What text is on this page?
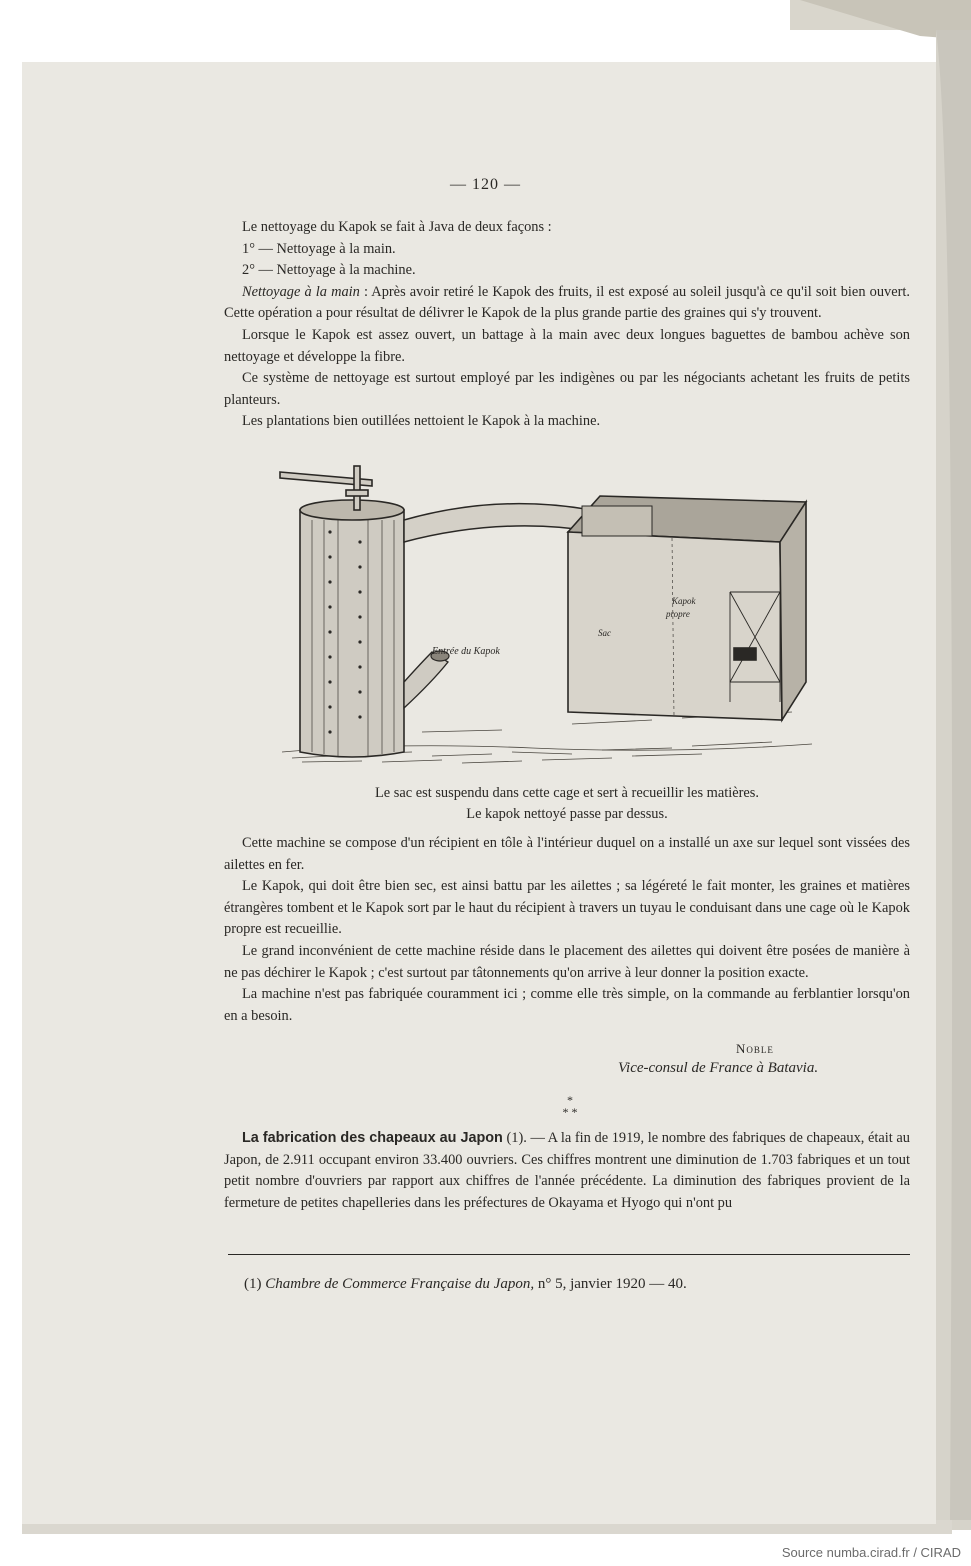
— 120 —

Le nettoyage du Kapok se fait à Java de deux façons :

1° — Nettoyage à la main.

2° — Nettoyage à la machine.

Nettoyage à la main : Après avoir retiré le Kapok des fruits, il est exposé au soleil jusqu'à ce qu'il soit bien ouvert. Cette opération a pour résultat de délivrer le Kapok de la plus grande partie des graines qui s'y trouvent.

Lorsque le Kapok est assez ouvert, un battage à la main avec deux longues baguettes de bambou achève son nettoyage et développe la fibre.

Ce système de nettoyage est surtout employé par les indigènes ou par les négociants achetant les fruits de petits planteurs.

Les plantations bien outillées nettoient le Kapok à la machine.

Entrée du Kapok
Kapok
propre
Sac
Le sac est suspendu dans cette cage et sert à recueillir les matières.
Le kapok nettoyé passe par dessus.

Cette machine se compose d'un récipient en tôle à l'intérieur duquel on a installé un axe sur lequel sont vissées des ailettes en fer.

Le Kapok, qui doit être bien sec, est ainsi battu par les ailettes ; sa légéreté le fait monter, les graines et matières étrangères tombent et le Kapok sort par le haut du récipient à travers un tuyau le conduisant dans une cage où le Kapok propre est recueillie.

Le grand inconvénient de cette machine réside dans le placement des ailettes qui doivent être posées de manière à ne pas déchirer le Kapok ; c'est surtout par tâtonnements qu'on arrive à leur donner la position exacte.

La machine n'est pas fabriquée couramment ici ; comme elle très simple, on la commande au ferblantier lorsqu'on en a besoin.

Noble
Vice-consul de France à Batavia.
*
* *

La fabrication des chapeaux au Japon (1). — A la fin de 1919, le nombre des fabriques de chapeaux, était au Japon, de 2.911 occupant environ 33.400 ouvriers. Ces chiffres montrent une diminution de 1.703 fabriques et un tout petit nombre d'ouvriers par rapport aux chiffres de l'année précédente. La diminution des fabriques provient de la fermeture de petites chapelleries dans les préfectures de Okayama et Hyogo qui n'ont pu

(1) Chambre de Commerce Française du Japon, n° 5, janvier 1920 — 40.
Source numba.cirad.fr / CIRAD
